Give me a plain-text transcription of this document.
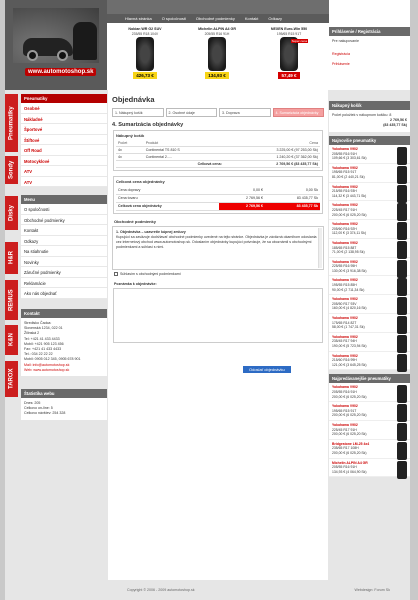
www.automotoshop.sk
Hlavná stránka	O spoločnosti	Obchodné podmienky	Kontakt	Odkazy
Nokian WR G2 SUV
235/55 R18 104V
426,73 €
Michelin ALPIN A4 GR
205/55 R16 91H
134,93 €
NEXEN Euro-Win 550
195/65 R15 91T
Super cena
57,49 €
Pneumatiky
Sondy
Disky
H&R
REMUS
K&N
TAROX
Pneumatiky
Osobné
Nákladné
Športové
Štiftové
Off Road
Motocyklové
ATV
ATV
Menu
O spoločnosti
Obchodné podmienky
Kontakt
Odkazy
Na stiahnutie
Novinky
Záručné podmienky
Reklamácie
Ako nás objednať
Kontakt
Stredisko Čadca:
Slovenská 1234, 022 01
Žilinská 2
Tel: +421 41 433 4433
Mobil: +421 905 123 456
Fax: +421 41 433 4433
Tel.: 034 22 22 22
Mobil: 0905 012 345, 0905 678 901
Mail: info@automotoshop.sk
Web: www.automotoshop.sk
Štatistika webu
Dnes: 205
Celkovo on-line: 5
Celkovo návštev: 254 328
Objednávka
1. Nákupný košík	2. Osobné údaje	3. Doprava	4. Sumarizácia objednávky
4. Sumarizácia objednávky
Nákupný košík
Počet	Produkt	Cena
4x	Continental TS 810 S	3 225,00 € (97 253,00 Sk)
4x	Continental 2.....	1 240,20 € (37 362,00 Sk)
	Celková cena:	2 769,56 € (83 435,77 Sk)
Celková cena objednávky
Cena dopravy	0,00 €	0,00 Sk
Cena tovaru	2 769,56 €	83 435,77 Sk
Celková cena objednávky	2 769,56 €	83 435,77 Sk
Obchodné podmienky
1. Objednávka – uzavretie kúpnej zmluvy
Kupujúci sa zaväzuje dodržiavať obchodné podmienky uvedené na tejto stránke. Objednávka je záväzná okamihom odoslania cez internetový obchod www.automotoshop.sk. Odoslaním objednávky kupujúci potvrdzuje, že sa oboznámil s obchodnými podmienkami a súhlasí s nimi.
Súhlasím s obchodnými podmienkami
Poznámka k objednávke:
Odoslať objednávku
Prihlásenie / Registrácia
Pre nakupovanie
Registrácia
Prihlásenie
Nákupný košík
Počet položiek v nákupnom košíku: 8
2 769,56 €
(83 435,77 Sk)
Najnovšie pneumatiky
Yokohama V902
205/55 R16 91H
109,66 € (3 303,61 Sk)
Yokohama V902
195/65 R15 91T
81,00 € (2 440,21 Sk)
Yokohama V902
215/55 R16 93H
114,32 € (3 443,71 Sk)
Yokohama V902
225/45 R17 91H
200,00 € (6 025,20 Sk)
Yokohama V902
205/60 R16 92H
112,00 € (3 374,11 Sk)
Yokohama V902
185/65 R15 88T
71,00 € (2 138,95 Sk)
Yokohama V902
225/55 R16 95H
130,00 € (3 916,38 Sk)
Yokohama V902
195/55 R15 85H
90,00 € (2 711,34 Sk)
Yokohama V902
205/50 R17 93V
160,00 € (4 820,16 Sk)
Yokohama V902
175/65 R14 82T
58,00 € (1 747,31 Sk)
Yokohama V902
235/45 R17 94H
190,00 € (5 723,94 Sk)
Yokohama V902
215/60 R16 99H
121,00 € (3 645,25 Sk)
Najpredávanejšie pneumatiky
Yokohama V902
205/55 R16 91H
200,00 € (6 025,20 Sk)
Yokohama V902
195/65 R15 91T
200,00 € (6 025,20 Sk)
Yokohama V902
225/45 R17 91H
200,00 € (6 025,20 Sk)
Bridgestone LM-25 4x4
235/65 R17 108H
200,00 € (6 025,20 Sk)
Michelin ALPIN A4 GR
205/55 R16 91H
134,93 € (4 064,90 Sk)
Copyright © 2006 - 2009 automotoshop.sk	Webdesign: Forum Sk
